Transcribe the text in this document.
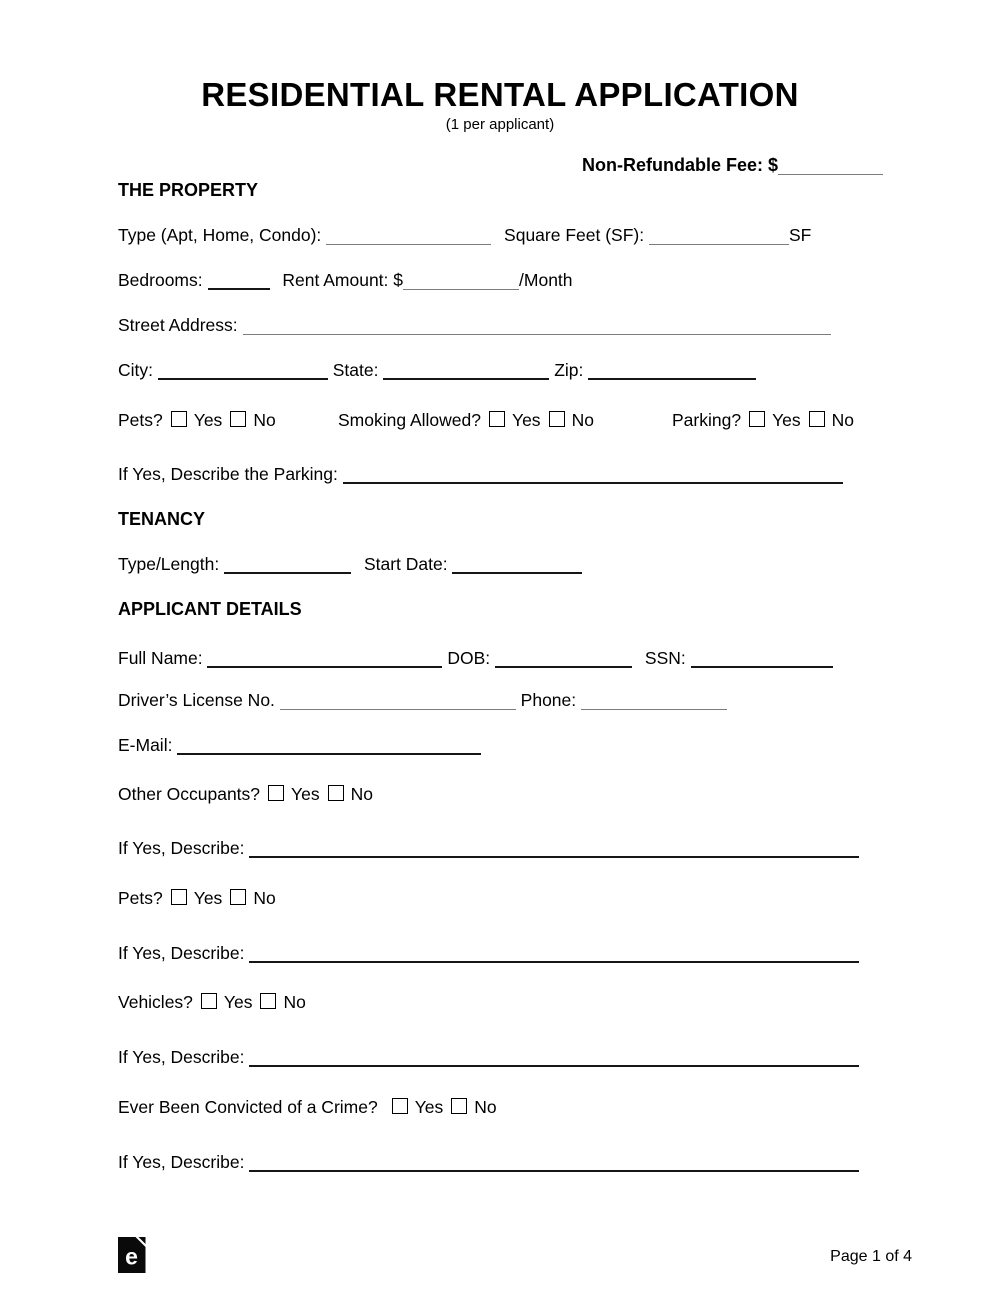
RESIDENTIAL RENTAL APPLICATION
(1 per applicant)
Non-Refundable Fee: $
THE PROPERTY
Type (Apt, Home, Condo):	Square Feet (SF):	SF
Bedrooms:	Rent Amount: $	/Month
Street Address:
City:	State:	Zip:
Pets? Yes No	Smoking Allowed? Yes No	Parking? Yes No
If Yes, Describe the Parking:
TENANCY
Type/Length:	Start Date:
APPLICANT DETAILS
Full Name:	DOB:	SSN:
Driver’s License No.	Phone:
E-Mail:
Other Occupants? Yes No
If Yes, Describe:
Pets? Yes No
If Yes, Describe:
Vehicles? Yes No
If Yes, Describe:
Ever Been Convicted of a Crime? Yes No
If Yes, Describe:
e	Page 1 of 4
